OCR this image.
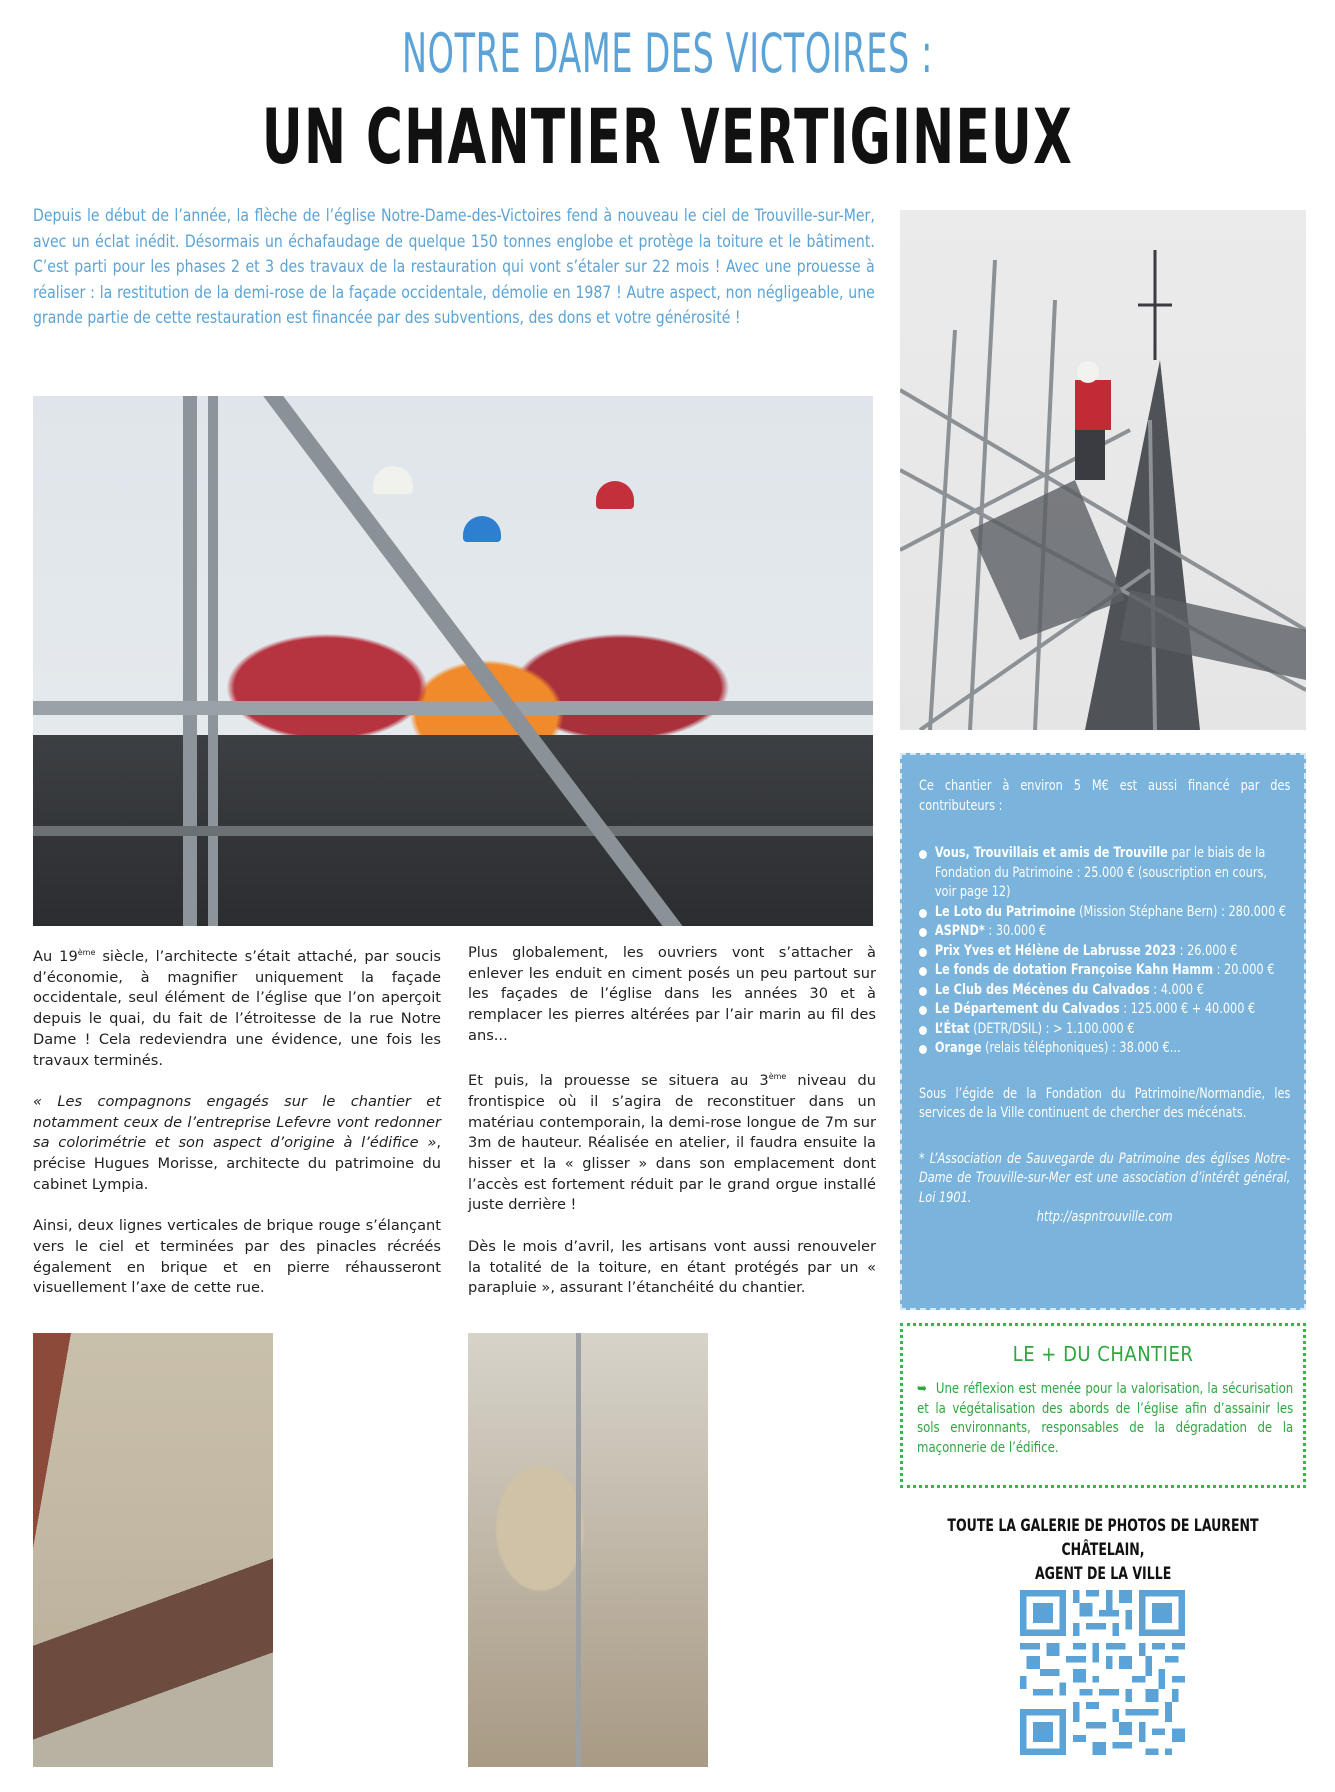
NOTRE DAME DES VICTOIRES :
UN CHANTIER VERTIGINEUX

Depuis le début de l’année, la flèche de l’église Notre-Dame-des-Victoires fend à nouveau le ciel de Trouville-sur-Mer, avec un éclat inédit. Désormais un échafaudage de quelque 150 tonnes englobe et protège la toiture et le bâtiment. C’est parti pour les phases 2 et 3 des travaux de la restauration qui vont s’étaler sur 22 mois ! Avec une prouesse à réaliser : la restitution de la demi-rose de la façade occidentale, démolie en 1987 ! Autre aspect, non négligeable, une grande partie de cette restauration est financée par des subventions, des dons et votre générosité !

Au 19ème siècle, l’architecte s’était attaché, par soucis d’économie, à magnifier uniquement la façade occidentale, seul élément de l’église que l’on aperçoit depuis le quai, du fait de l’étroitesse de la rue Notre Dame ! Cela redeviendra une évidence, une fois les travaux terminés.

« Les compagnons engagés sur le chantier et notamment ceux de l’entreprise Lefevre vont redonner sa colorimétrie et son aspect d’origine à l’édifice », précise Hugues Morisse, architecte du patrimoine du cabinet Lympia.

Ainsi, deux lignes verticales de brique rouge s’élançant vers le ciel et terminées par des pinacles récréés également en brique et en pierre réhausseront visuellement l’axe de cette rue.

Plus globalement, les ouvriers vont s’attacher à enlever les enduit en ciment posés un peu partout sur les façades de l’église dans les années 30 et à remplacer les pierres altérées par l’air marin au fil des ans...

Et puis, la prouesse se situera au 3ème niveau du frontispice où il s’agira de reconstituer dans un matériau contemporain, la demi-rose longue de 7m sur 3m de hauteur. Réalisée en atelier, il faudra ensuite la hisser et la « glisser » dans son emplacement dont l’accès est fortement réduit par le grand orgue installé juste derrière !

Dès le mois d’avril, les artisans vont aussi renouveler la totalité de la toiture, en étant protégés par un « parapluie », assurant l’étanchéité du chantier.

Ce chantier à environ 5 M€ est aussi financé par des contributeurs :

Vous, Trouvillais et amis de Trouville par le biais de la Fondation du Patrimoine : 25.000 € (souscription en cours, voir page 12)
Le Loto du Patrimoine (Mission Stéphane Bern) : 280.000 €
ASPND* : 30.000 €
Prix Yves et Hélène de Labrusse 2023 : 26.000 €
Le fonds de dotation Françoise Kahn Hamm : 20.000 €
Le Club des Mécènes du Calvados : 4.000 €
Le Département du Calvados : 125.000 € + 40.000 €
L’État (DETR/DSIL) : > 1.100.000 €
Orange (relais téléphoniques) : 38.000 €...

Sous l’égide de la Fondation du Patrimoine/Normandie, les services de la Ville continuent de chercher des mécénats.

* L’Association de Sauvegarde du Patrimoine des églises Notre-Dame de Trouville-sur-Mer est une association d’intérêt général, Loi 1901.

http://aspntrouville.com

LE + DU CHANTIER
➥ Une réflexion est menée pour la valorisation, la sécurisation et la végétalisation des abords de l’église afin d’assainir les sols environnants, responsables de la dégradation de la maçonnerie de l’édifice.
TOUTE LA GALERIE DE PHOTOS DE LAURENT CHÂTELAIN,
AGENT DE LA VILLE
